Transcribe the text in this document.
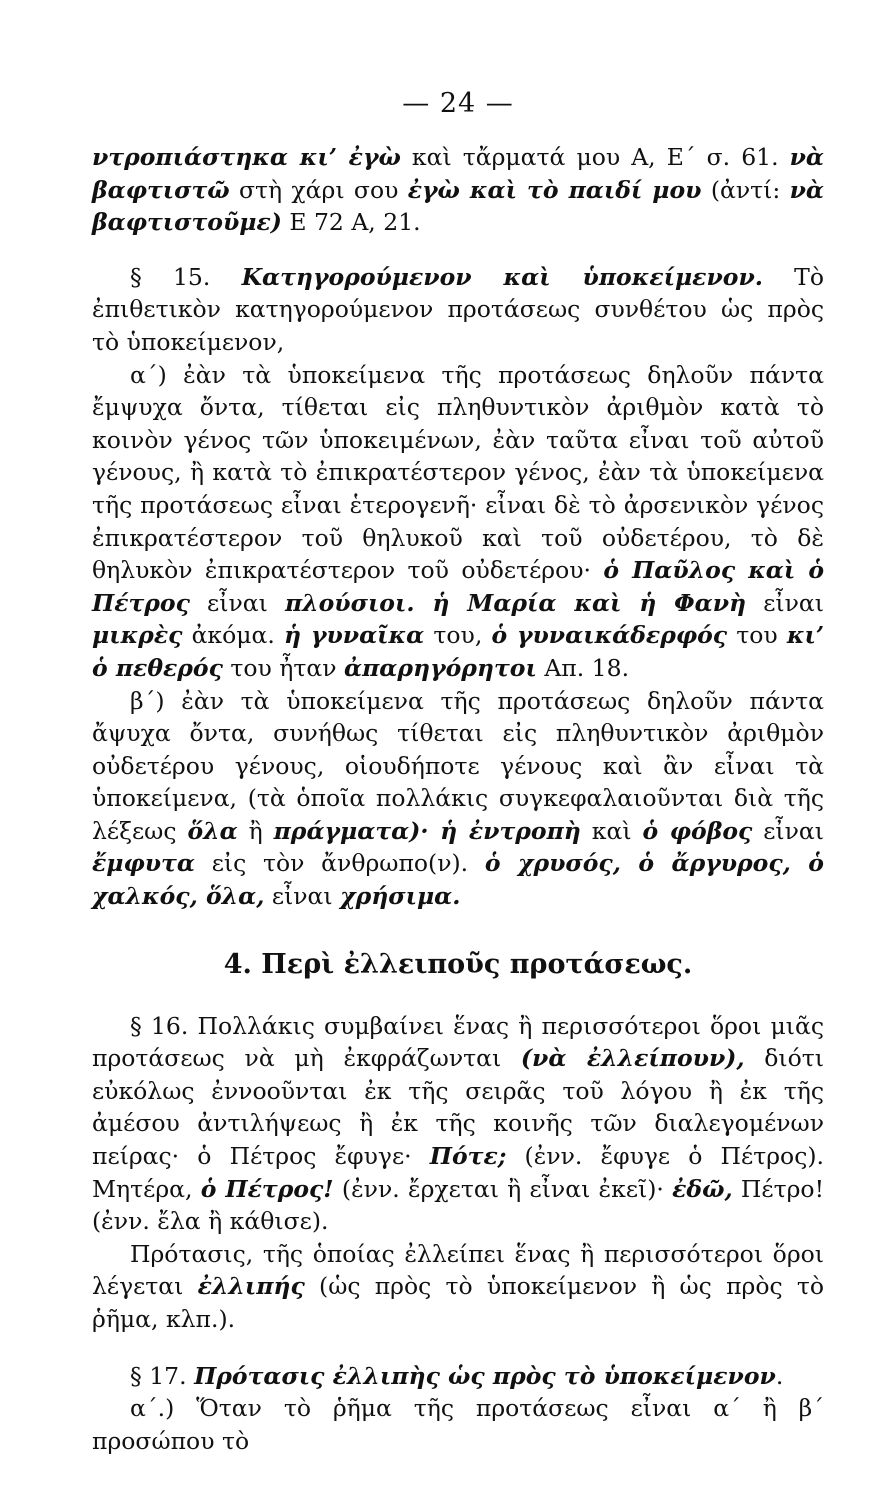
— 24 —

ντροπιάστηκα κι’ ἐγὼ καὶ τἄρματά μου Α, Ε΄ σ. 61. νὰ βαφτιστῶ στὴ χάρι σου ἐγὼ καὶ τὸ παιδί μου (ἀντί: νὰ βαφτιστοῦμε) Ε 72 Α, 21.

§ 15. Κατηγορούμενον καὶ ὑποκείμενον. Τὸ ἐπιθετικὸν κατηγορούμενον προτάσεως συνθέτου ὡς πρὸς τὸ ὑποκείμενον,

α΄) ἐὰν τὰ ὑποκείμενα τῆς προτάσεως δηλοῦν πάντα ἔμψυχα ὄντα, τίθεται εἰς πληθυντικὸν ἀριθμὸν κατὰ τὸ κοινὸν γένος τῶν ὑποκειμένων, ἐὰν ταῦτα εἶναι τοῦ αὐτοῦ γένους, ἢ κατὰ τὸ ἐπικρατέστερον γένος, ἐὰν τὰ ὑποκείμενα τῆς προτάσεως εἶναι ἑτερογενῆ· εἶναι δὲ τὸ ἀρσενικὸν γένος ἐπικρατέστερον τοῦ θηλυκοῦ καὶ τοῦ οὐδετέρου, τὸ δὲ θηλυκὸν ἐπικρατέστερον τοῦ οὐδετέρου· ὁ Παῦλος καὶ ὁ Πέτρος εἶναι πλούσιοι. ἡ Μαρία καὶ ἡ Φανὴ εἶναι μικρὲς ἀκόμα. ἡ γυναῖκα του, ὁ γυναικάδερφός του κι’ ὁ πεθερός του ἦταν ἀπαρηγόρητοι Απ. 18.

β΄) ἐὰν τὰ ὑποκείμενα τῆς προτάσεως δηλοῦν πάντα ἄψυχα ὄντα, συνήθως τίθεται εἰς πληθυντικὸν ἀριθμὸν οὐδετέρου γένους, οἱουδήποτε γένους καὶ ἂν εἶναι τὰ ὑποκείμενα, (τὰ ὁποῖα πολλάκις συγκεφαλαιοῦνται διὰ τῆς λέξεως ὅλα ἢ πράγματα)· ἡ ἐντροπὴ καὶ ὁ φόβος εἶναι ἔμφυτα εἰς τὸν ἄνθρωπο(ν). ὁ χρυσός, ὁ ἄργυρος, ὁ χαλκός, ὅλα, εἶναι χρήσιμα.

4. Περὶ ἐλλειποῦς προτάσεως.

§ 16. Πολλάκις συμβαίνει ἕνας ἢ περισσότεροι ὅροι μιᾶς προτάσεως νὰ μὴ ἐκφράζωνται (νὰ ἐλλείπουν), διότι εὐκόλως ἐννοοῦνται ἐκ τῆς σειρᾶς τοῦ λόγου ἢ ἐκ τῆς ἀμέσου ἀντιλήψεως ἢ ἐκ τῆς κοινῆς τῶν διαλεγομένων πείρας· ὁ Πέτρος ἔφυγε· Πότε; (ἐνν. ἔφυγε ὁ Πέτρος). Μητέρα, ὁ Πέτρος! (ἐνν. ἔρχεται ἢ εἶναι ἐκεῖ)· ἐδῶ, Πέτρο! (ἐνν. ἔλα ἢ κάθισε).

Πρότασις, τῆς ὁποίας ἐλλείπει ἕνας ἢ περισσότεροι ὅροι λέγεται ἐλλιπής (ὡς πρὸς τὸ ὑποκείμενον ἢ ὡς πρὸς τὸ ῥῆμα, κλπ.).

§ 17. Πρότασις ἐλλιπὴς ὡς πρὸς τὸ ὑποκείμενον.

α΄.) Ὅταν τὸ ῥῆμα τῆς προτάσεως εἶναι α΄ ἢ β΄ προσώπου τὸ
